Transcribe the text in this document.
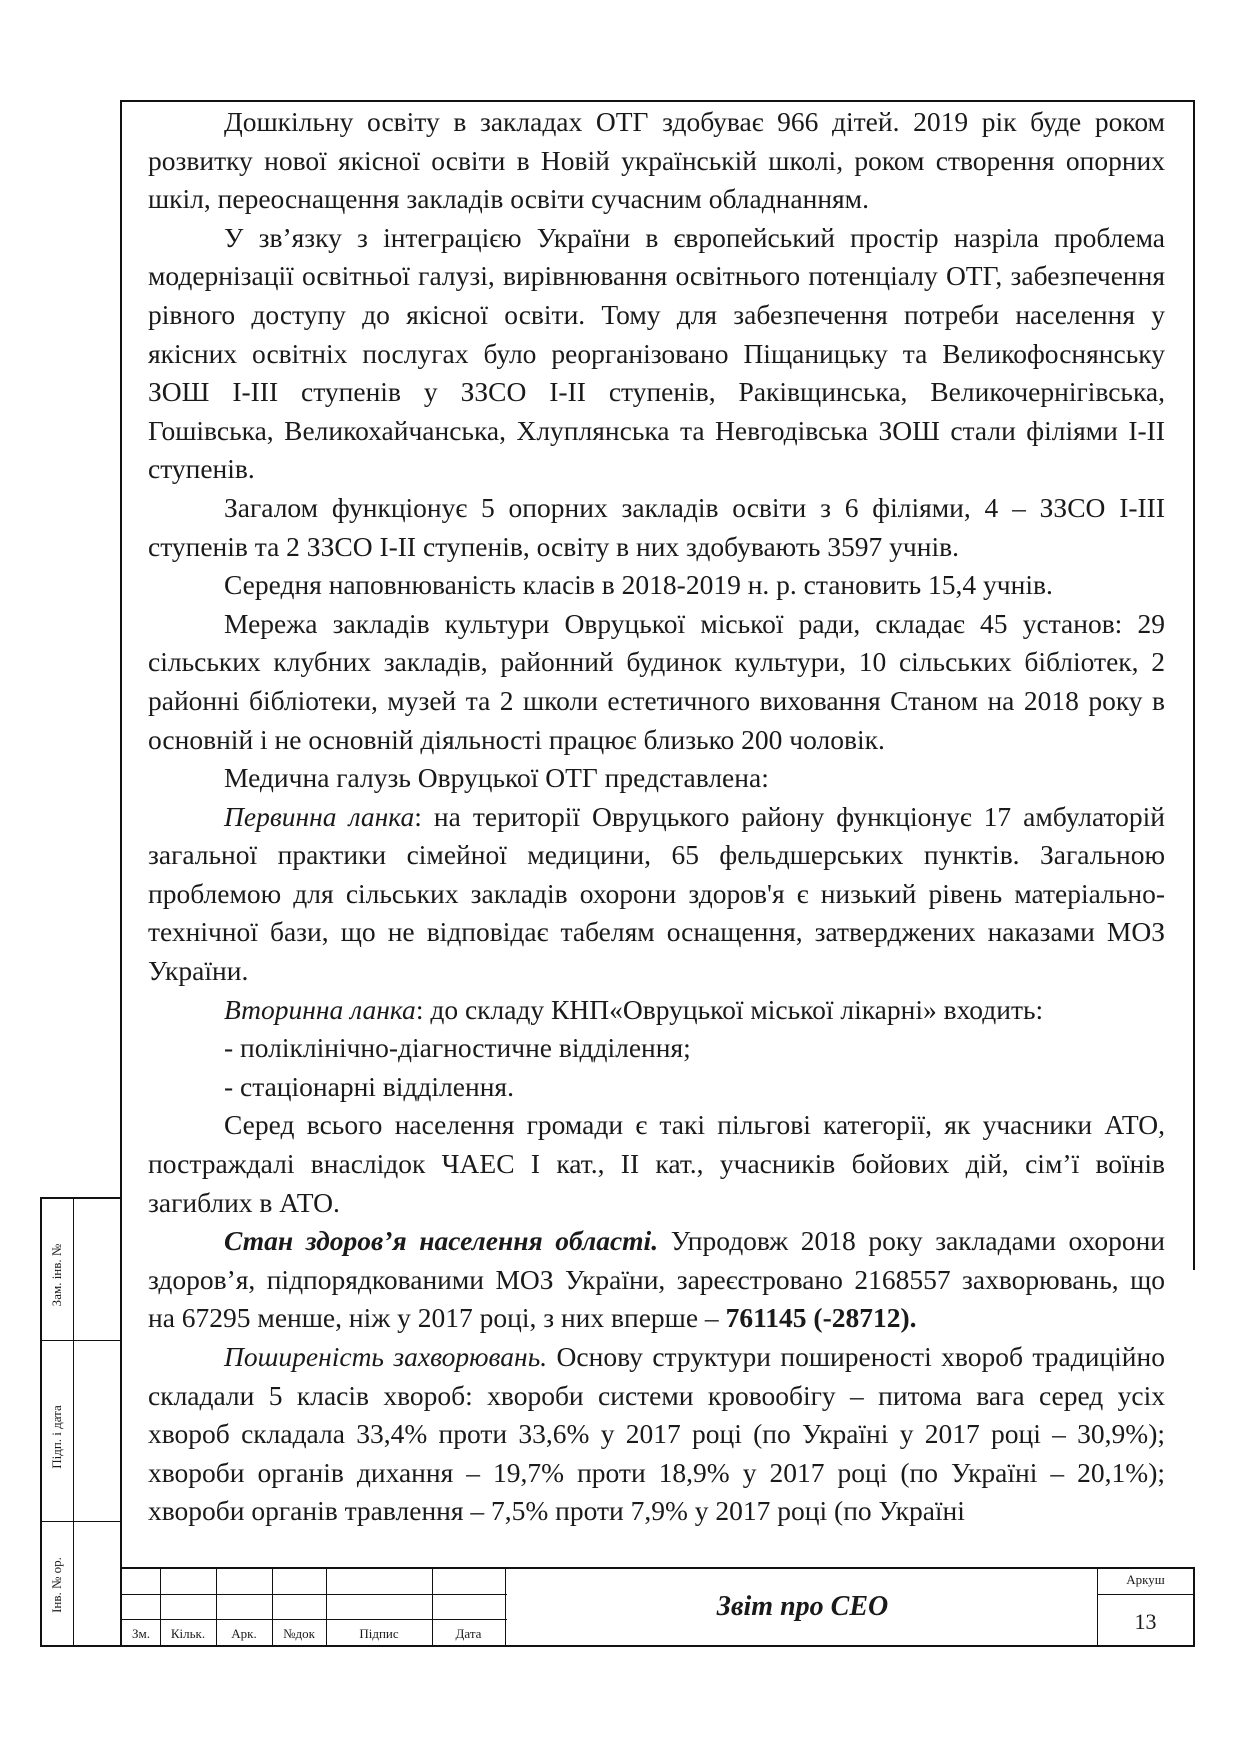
Дошкільну освіту в закладах ОТГ здобуває 966 дітей. 2019 рік буде роком розвитку нової якісної освіти в Новій українській школі, роком створення опорних шкіл, переоснащення закладів освіти сучасним обладнанням.

У зв’язку з інтеграцією України в європейський простір назріла проблема модернізації освітньої галузі, вирівнювання освітнього потенціалу ОТГ, забезпечення рівного доступу до якісної освіти. Тому для забезпечення потреби населення у якісних освітніх послугах було реорганізовано Піщаницьку та Великофоснянську ЗОШ І-ІІІ ступенів у ЗЗСО І-ІІ ступенів, Раківщинська, Великочернігівська, Гошівська, Великохайчанська, Хлуплянська та Невгодівська ЗОШ стали філіями І-ІІ ступенів.

Загалом функціонує 5 опорних закладів освіти з 6 філіями, 4 – ЗЗСО І-ІІІ ступенів та 2 ЗЗСО І-ІІ ступенів, освіту в них здобувають 3597 учнів.

Середня наповнюваність класів в 2018-2019 н. р. становить 15,4 учнів.

Мережа закладів культури Овруцької міської ради, складає 45 установ: 29 сільських клубних закладів, районний будинок культури, 10 сільських бібліотек, 2 районні бібліотеки, музей та 2 школи естетичного виховання Станом на 2018 року в основній і не основній діяльності працює близько 200 чоловік.

Медична галузь Овруцької ОТГ представлена:

Первинна ланка: на території Овруцького району функціонує 17 амбулаторій загальної практики сімейної медицини, 65 фельдшерських пунктів. Загальною проблемою для сільських закладів охорони здоров'я є низький рівень матеріально-технічної бази, що не відповідає табелям оснащення, затверджених наказами МОЗ України.

Вторинна ланка: до складу КНП«Овруцької міської лікарні» входить:

- поліклінічно-діагностичне відділення;

- стаціонарні відділення.

Серед всього населення громади є такі пільгові категорії, як учасники АТО, постраждалі внаслідок ЧАЕС І кат., ІІ кат., учасників бойових дій, сім’ї воїнів загиблих в АТО.

Стан здоров’я населення області. Упродовж 2018 року закладами охорони здоров’я, підпорядкованими МОЗ України, зареєстровано 2168557 захворювань, що на 67295 менше, ніж у 2017 році, з них вперше – 761145 (-28712).

Поширеність захворювань. Основу структури поширеності хвороб традиційно складали 5 класів хвороб: хвороби системи кровообігу – питома вага серед усіх хвороб складала 33,4% проти 33,6% у 2017 році (по Україні у 2017 році – 30,9%); хвороби органів дихання – 19,7% проти 18,9% у 2017 році (по Україні – 20,1%); хвороби органів травлення – 7,5% проти 7,9% у 2017 році (по Україні

Зам. інв. №
Підп. і дата
Інв. № ор.
Зм.	Кільк.	Арк.	№док	Підпис	Дата
Звіт про СЕО
Аркуш
13
